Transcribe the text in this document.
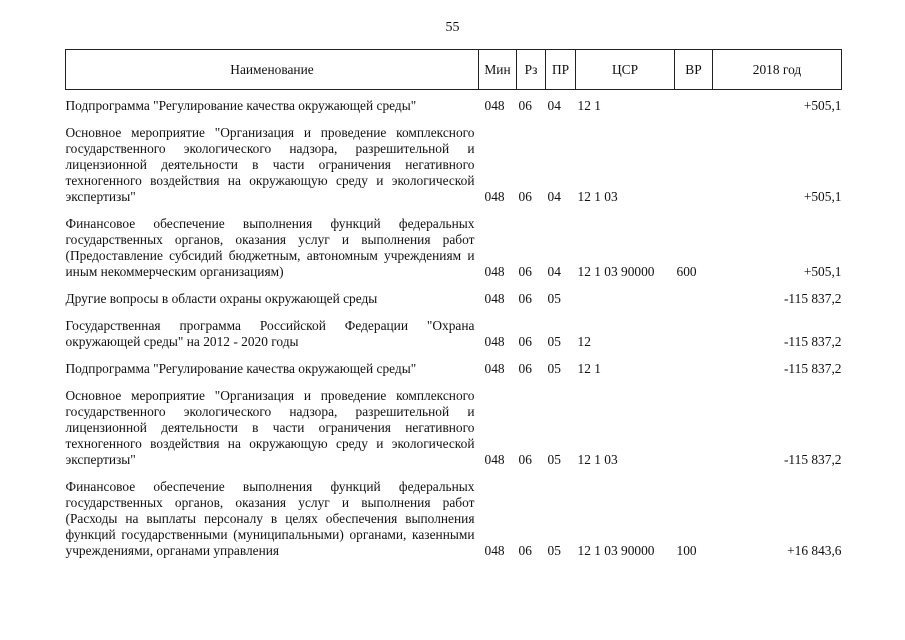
55
Наименование	Мин	Рз	ПР	ЦСР	ВР	2018 год
Подпрограмма "Регулирование качества окружающей среды"	048	06	04	12 1		+505,1
Основное мероприятие "Организация и проведение комплексного государственного экологического надзора, разрешительной и лицензионной деятельности в части ограничения негативного техногенного воздействия на окружающую среду и экологической экспертизы"	048	06	04	12 1 03		+505,1
Финансовое обеспечение выполнения функций федеральных государственных органов, оказания услуг и выполнения работ (Предоставление субсидий бюджетным, автономным учреждениям и иным некоммерческим организациям)	048	06	04	12 1 03 90000	600	+505,1
Другие вопросы в области охраны окружающей среды	048	06	05			-115 837,2
Государственная программа Российской Федерации "Охрана окружающей среды" на 2012 - 2020 годы	048	06	05	12		-115 837,2
Подпрограмма "Регулирование качества окружающей среды"	048	06	05	12 1		-115 837,2
Основное мероприятие "Организация и проведение комплексного государственного экологического надзора, разрешительной и лицензионной деятельности в части ограничения негативного техногенного воздействия на окружающую среду и экологической экспертизы"	048	06	05	12 1 03		-115 837,2
Финансовое обеспечение выполнения функций федеральных государственных органов, оказания услуг и выполнения работ (Расходы на выплаты персоналу в целях обеспечения выполнения функций государственными (муниципальными) органами, казенными учреждениями, органами управления	048	06	05	12 1 03 90000	100	+16 843,6
